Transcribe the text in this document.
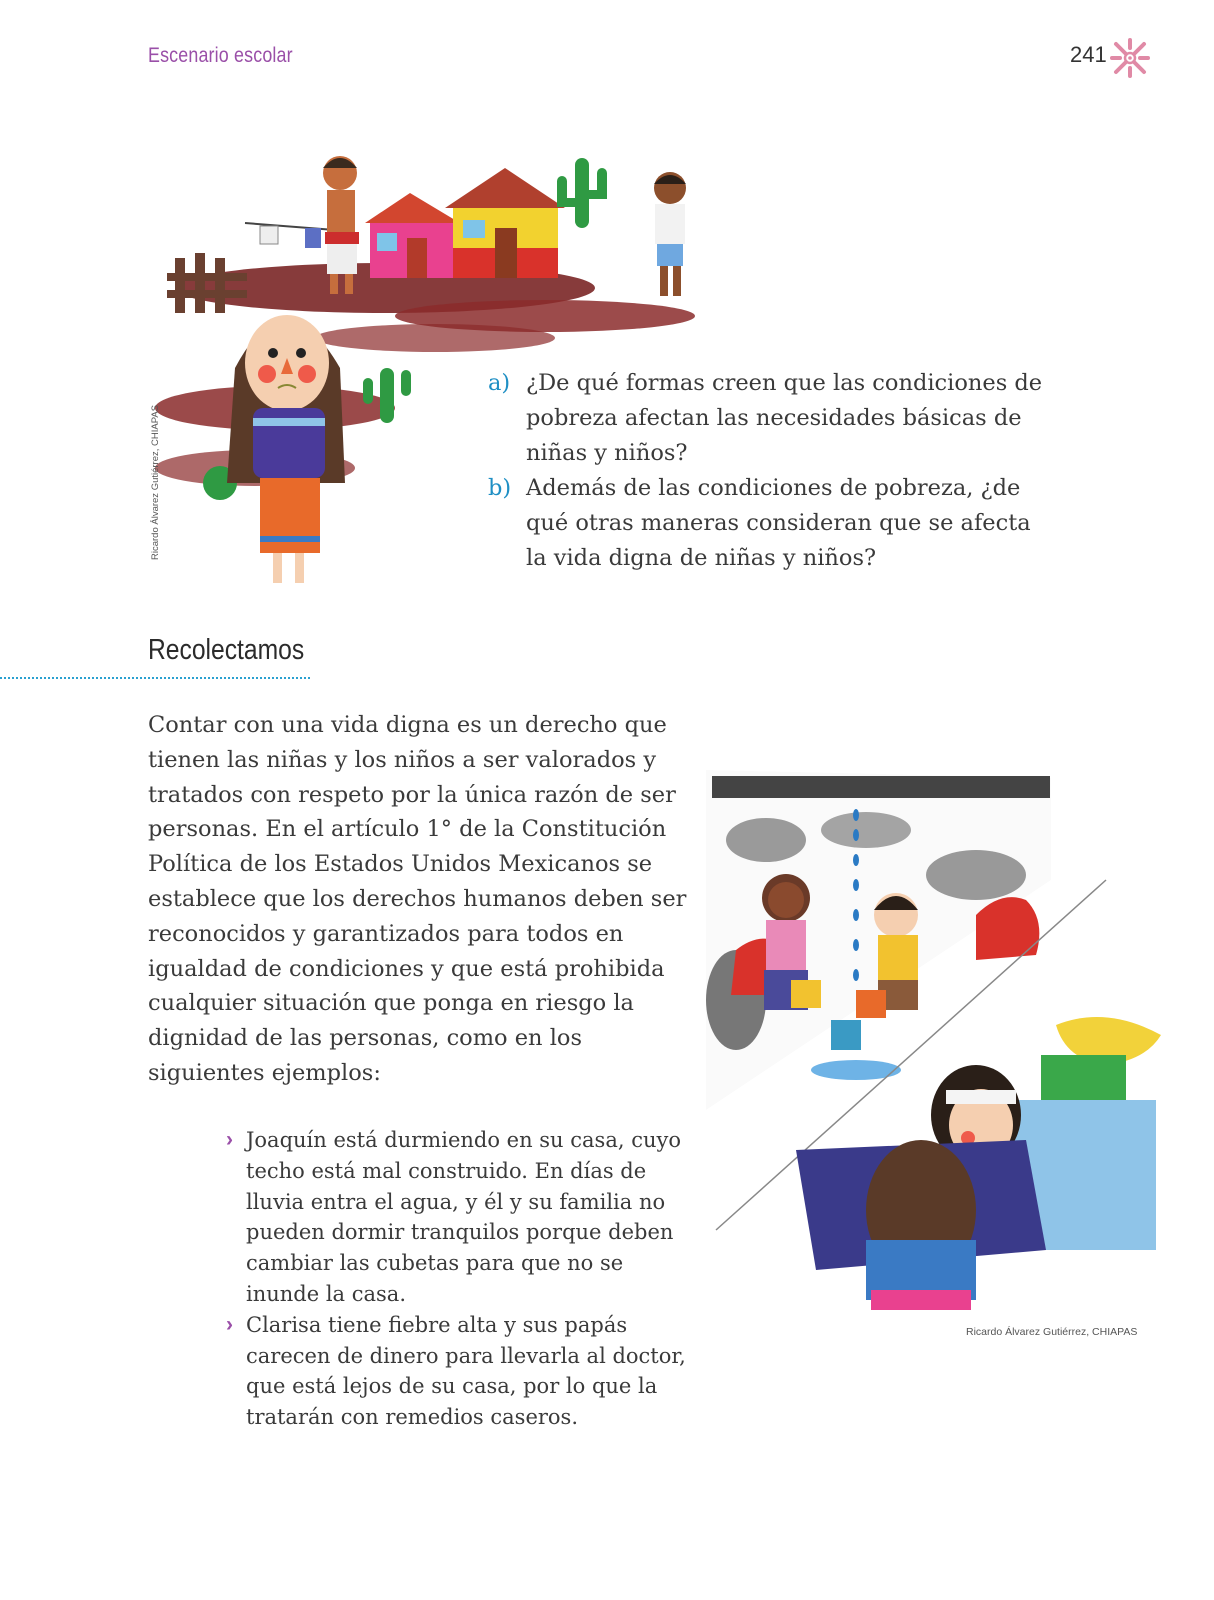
Escenario escolar	241
Ricardo Álvarez Gutiérrez, CHIAPAS
a) ¿De qué formas creen que las condiciones de pobreza afectan las necesidades básicas de niñas y niños?
b) Además de las condiciones de pobreza, ¿de qué otras maneras consideran que se afecta la vida digna de niñas y niños?
Recolectamos
Contar con una vida digna es un derecho que tienen las niñas y los niños a ser valorados y tratados con respeto por la única razón de ser personas. En el artículo 1° de la Constitución Política de los Estados Unidos Mexicanos se establece que los derechos humanos deben ser reconocidos y garantizados para todos en igualdad de condiciones y que está prohibida cualquier situación que ponga en riesgo la dignidad de las personas, como en los siguientes ejemplos:
› Joaquín está durmiendo en su casa, cuyo techo está mal construido. En días de lluvia entra el agua, y él y su familia no pueden dormir tranquilos porque deben cambiar las cubetas para que no se inunde la casa.
› Clarisa tiene fiebre alta y sus papás carecen de dinero para llevarla al doctor, que está lejos de su casa, por lo que la tratarán con remedios caseros.
Ricardo Álvarez Gutiérrez, CHIAPAS
